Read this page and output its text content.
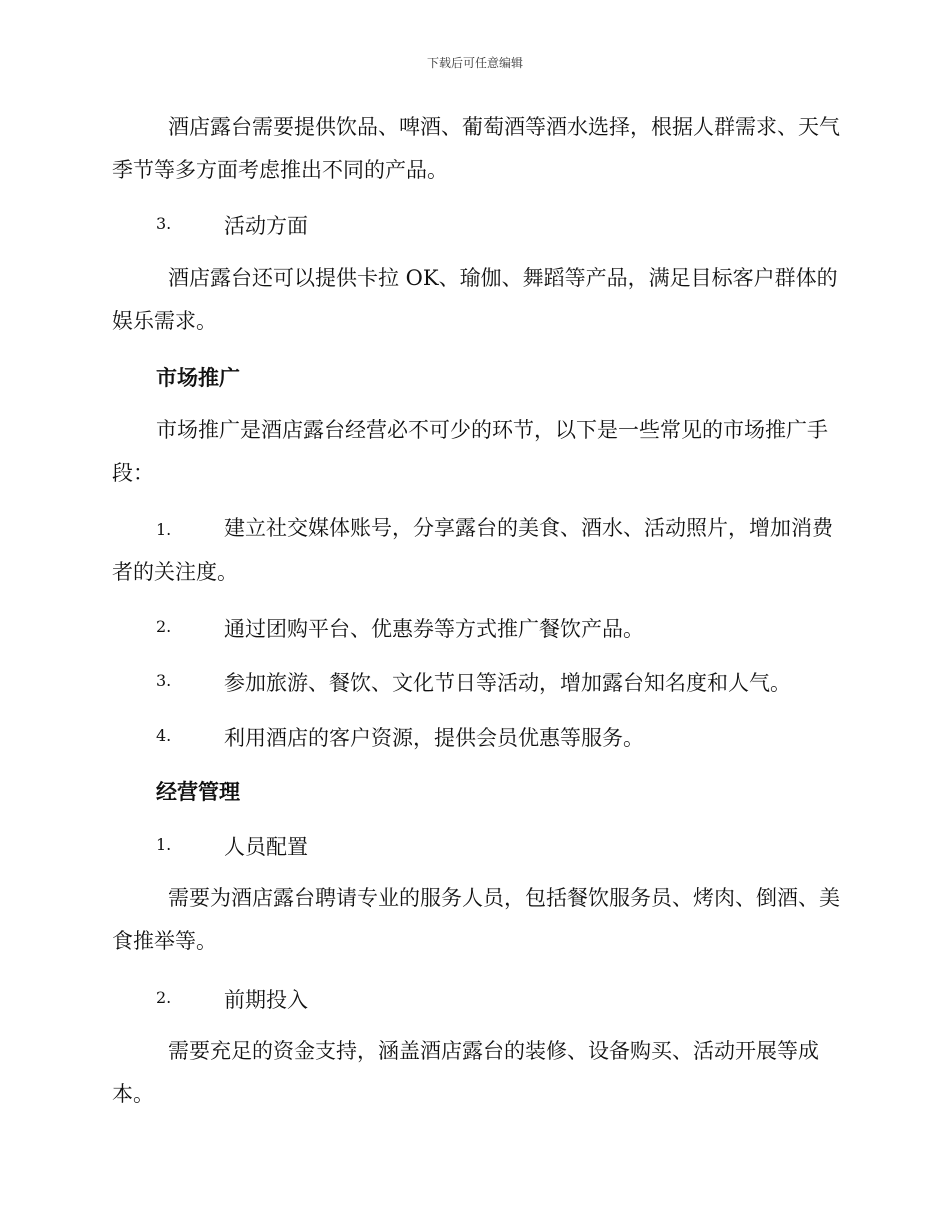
下载后可任意编辑
酒店露台需要提供饮品、啤酒、葡萄酒等酒水选择，根据人群需求、天气季节等多方面考虑推出不同的产品。
3.	活动方面
酒店露台还可以提供卡拉 OK、瑜伽、舞蹈等产品，满足目标客户群体的娱乐需求。
市场推广
市场推广是酒店露台经营必不可少的环节，以下是一些常见的市场推广手段：
1.	建立社交媒体账号，分享露台的美食、酒水、活动照片，增加消费者的关注度。
2.	通过团购平台、优惠券等方式推广餐饮产品。
3.	参加旅游、餐饮、文化节日等活动，增加露台知名度和人气。
4.	利用酒店的客户资源，提供会员优惠等服务。
经营管理
1.	人员配置
需要为酒店露台聘请专业的服务人员，包括餐饮服务员、烤肉、倒酒、美食推举等。
2.	前期投入
需要充足的资金支持，涵盖酒店露台的装修、设备购买、活动开展等成本。
